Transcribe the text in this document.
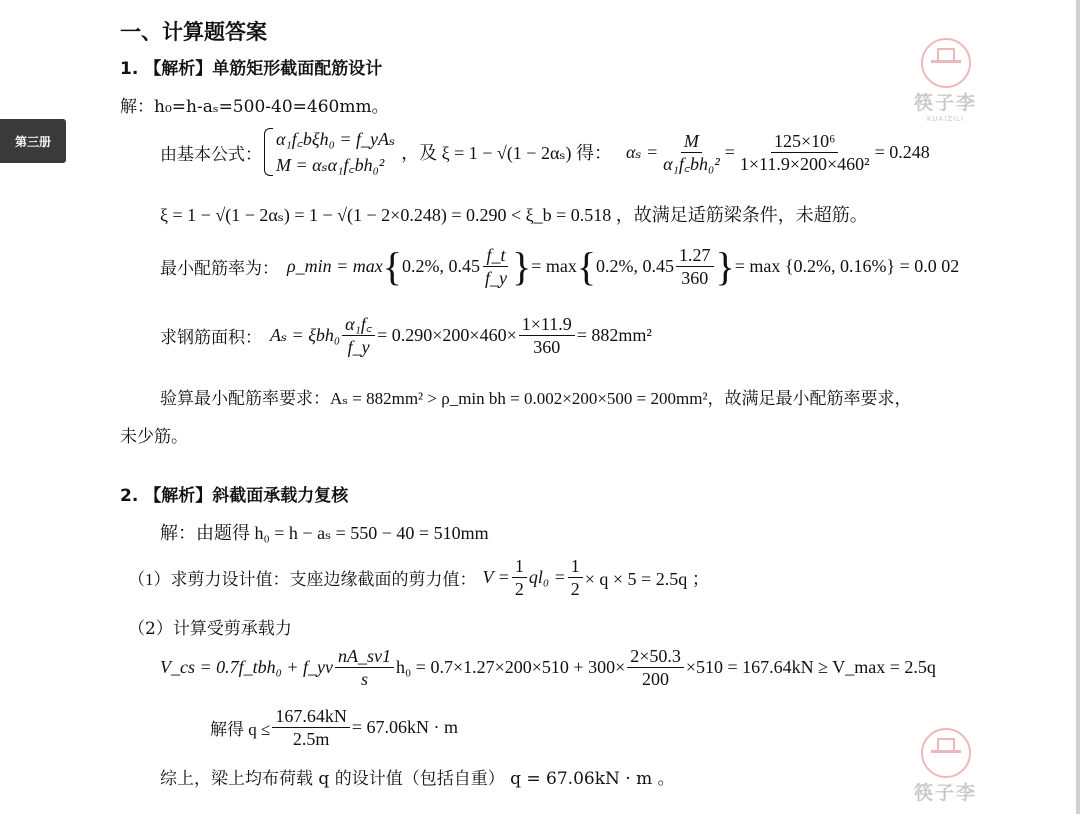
第三册
一、计算题答案
1. 【解析】单筋矩形截面配筋设计
解：h₀=h-aₛ=500-40=460mm。
由基本公式：
α₁f꜀bξh₀ = f_yAₛ
M = αₛα₁f꜀bh₀²
，及 ξ = 1 − √(1 − 2αₛ) 得： $\alpha_s = \frac{M}{\text{α₁f꜀bh₀²}} = \frac{\text{125×10⁶}}{\text{1×11.9×200×460²}} = 0.248$
ξ = 1 − √(1 − 2αₛ) = 1 − √(1 − 2×0.248) = 0.290 < ξ_b = 0.518 ，故满足适筋梁条件，未超筋。
最小配筋率为： ρ_min = max { 0.2%, $0.45 \frac{f\_t}{f\_y}$ } = max { 0.2%, $0.45 \frac{1.27}{360}$ } = max {0.2%, 0.16%} = 0.0 02
求钢筋面积： $A_s = \xi bh_0 \frac{\text{α₁f꜀}}{f\_y} = 0.290\times 200\times 460\times \frac{1\times 11.9}{360} = 882mm^2$
验算最小配筋率要求：Aₛ = 882mm² > ρ_min bh = 0.002×200×500 = 200mm²，故满足最小配筋率要求，
未少筋。
2. 【解析】斜截面承载力复核
解：由题得 h₀ = h − aₛ = 550 − 40 = 510mm
（1）求剪力设计值：支座边缘截面的剪力值： $V = \frac{1}{2} ql_0 = \frac{1}{2} \times q \times 5 = 2.5q$ ；
（2）计算受剪承载力
V_cs = 0.7f_tbh₀ + f_yv $\frac{nA\_sv1}{s} h_0 = 0.7\times 1.27\times 200\times 510 + 300\times \frac{2\times 50.3}{200} \times 510 = 167.64kN$ ≥ V_max = 2.5q
解得 $q \le \frac{167.64kN}{2.5m} = 67.06kN \cdot m$
综上，梁上均布荷载 q 的设计值（包括自重） q = 67.06kN · m 。
筷子李
KUAIZILI
筷子李
